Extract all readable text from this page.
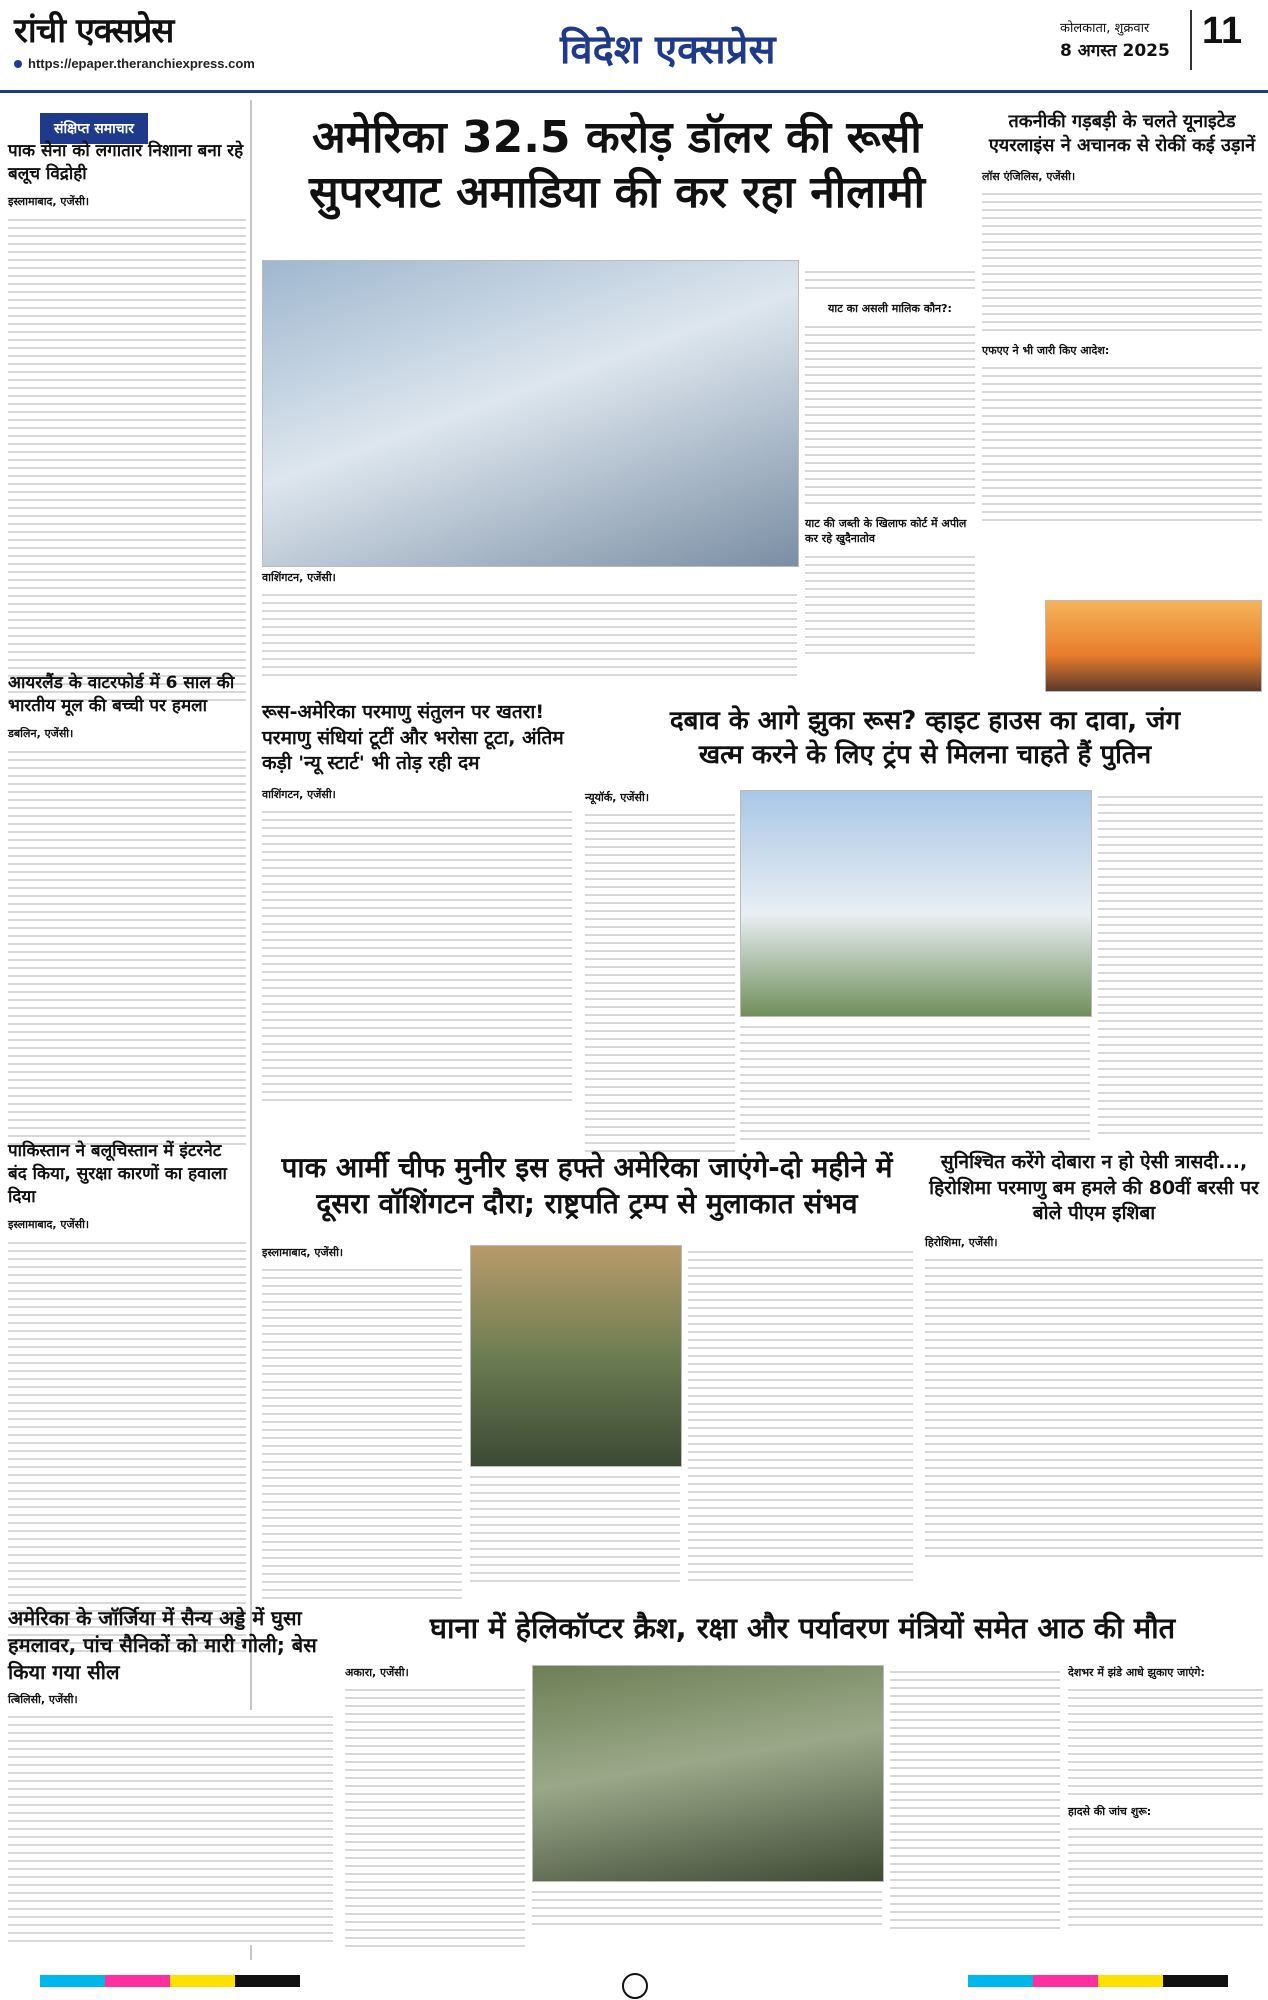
रांची एक्सप्रेस
https://epaper.theranchiexpress.com	विदेश एक्सप्रेस	कोलकाता, शुक्रवार
8 अगस्त 2025 11
संक्षिप्त समाचार
पाक सेना को लगातार निशाना बना रहे बलूच विद्रोही
इस्लामाबाद, एजेंसी।
आयरलैंड के वाटरफोर्ड में 6 साल की भारतीय मूल की बच्ची पर हमला
डबलिन, एजेंसी।
पाकिस्तान ने बलूचिस्तान में इंटरनेट बंद किया, सुरक्षा कारणों का हवाला दिया
इस्लामाबाद, एजेंसी।
अमेरिका 32.5 करोड़ डॉलर की रूसी
सुपरयाट अमाडिया की कर रहा नीलामी
वाशिंगटन, एजेंसी।
याट का असली मालिक कौन?:
याट की जब्ती के खिलाफ कोर्ट में अपील कर रहे खुदैनातोव
तकनीकी गड़बड़ी के चलते यूनाइटेड एयरलाइंस ने अचानक से रोकीं कई उड़ानें
लॉस एंजिलिस, एजेंसी।
एफएए ने भी जारी किए आदेश:
रूस-अमेरिका परमाणु संतुलन पर खतरा! परमाणु संधियां टूटीं और भरोसा टूटा, अंतिम कड़ी 'न्यू स्टार्ट' भी तोड़ रही दम
वाशिंगटन, एजेंसी।
दबाव के आगे झुका रूस? व्हाइट हाउस का दावा, जंग
खत्म करने के लिए ट्रंप से मिलना चाहते हैं पुतिन
न्यूयॉर्क, एजेंसी।
पाक आर्मी चीफ मुनीर इस हफ्ते अमेरिका जाएंगे-दो महीने में
दूसरा वॉशिंगटन दौरा; राष्ट्रपति ट्रम्प से मुलाकात संभव
इस्लामाबाद, एजेंसी।
सुनिश्चित करेंगे दोबारा न हो ऐसी त्रासदी..., हिरोशिमा परमाणु बम हमले की 80वीं बरसी पर बोले पीएम इशिबा
हिरोशिमा, एजेंसी।
अमेरिका के जॉर्जिया में सैन्य अड्डे में घुसा हमलावर, पांच सैनिकों को मारी गोली; बेस किया गया सील
त्बिलिसी, एजेंसी।
घाना में हेलिकॉप्टर क्रैश, रक्षा और पर्यावरण मंत्रियों समेत आठ की मौत
अकारा, एजेंसी।	देशभर में झंडे आधे झुकाए जाएंगे:
हादसे की जांच शुरू:
